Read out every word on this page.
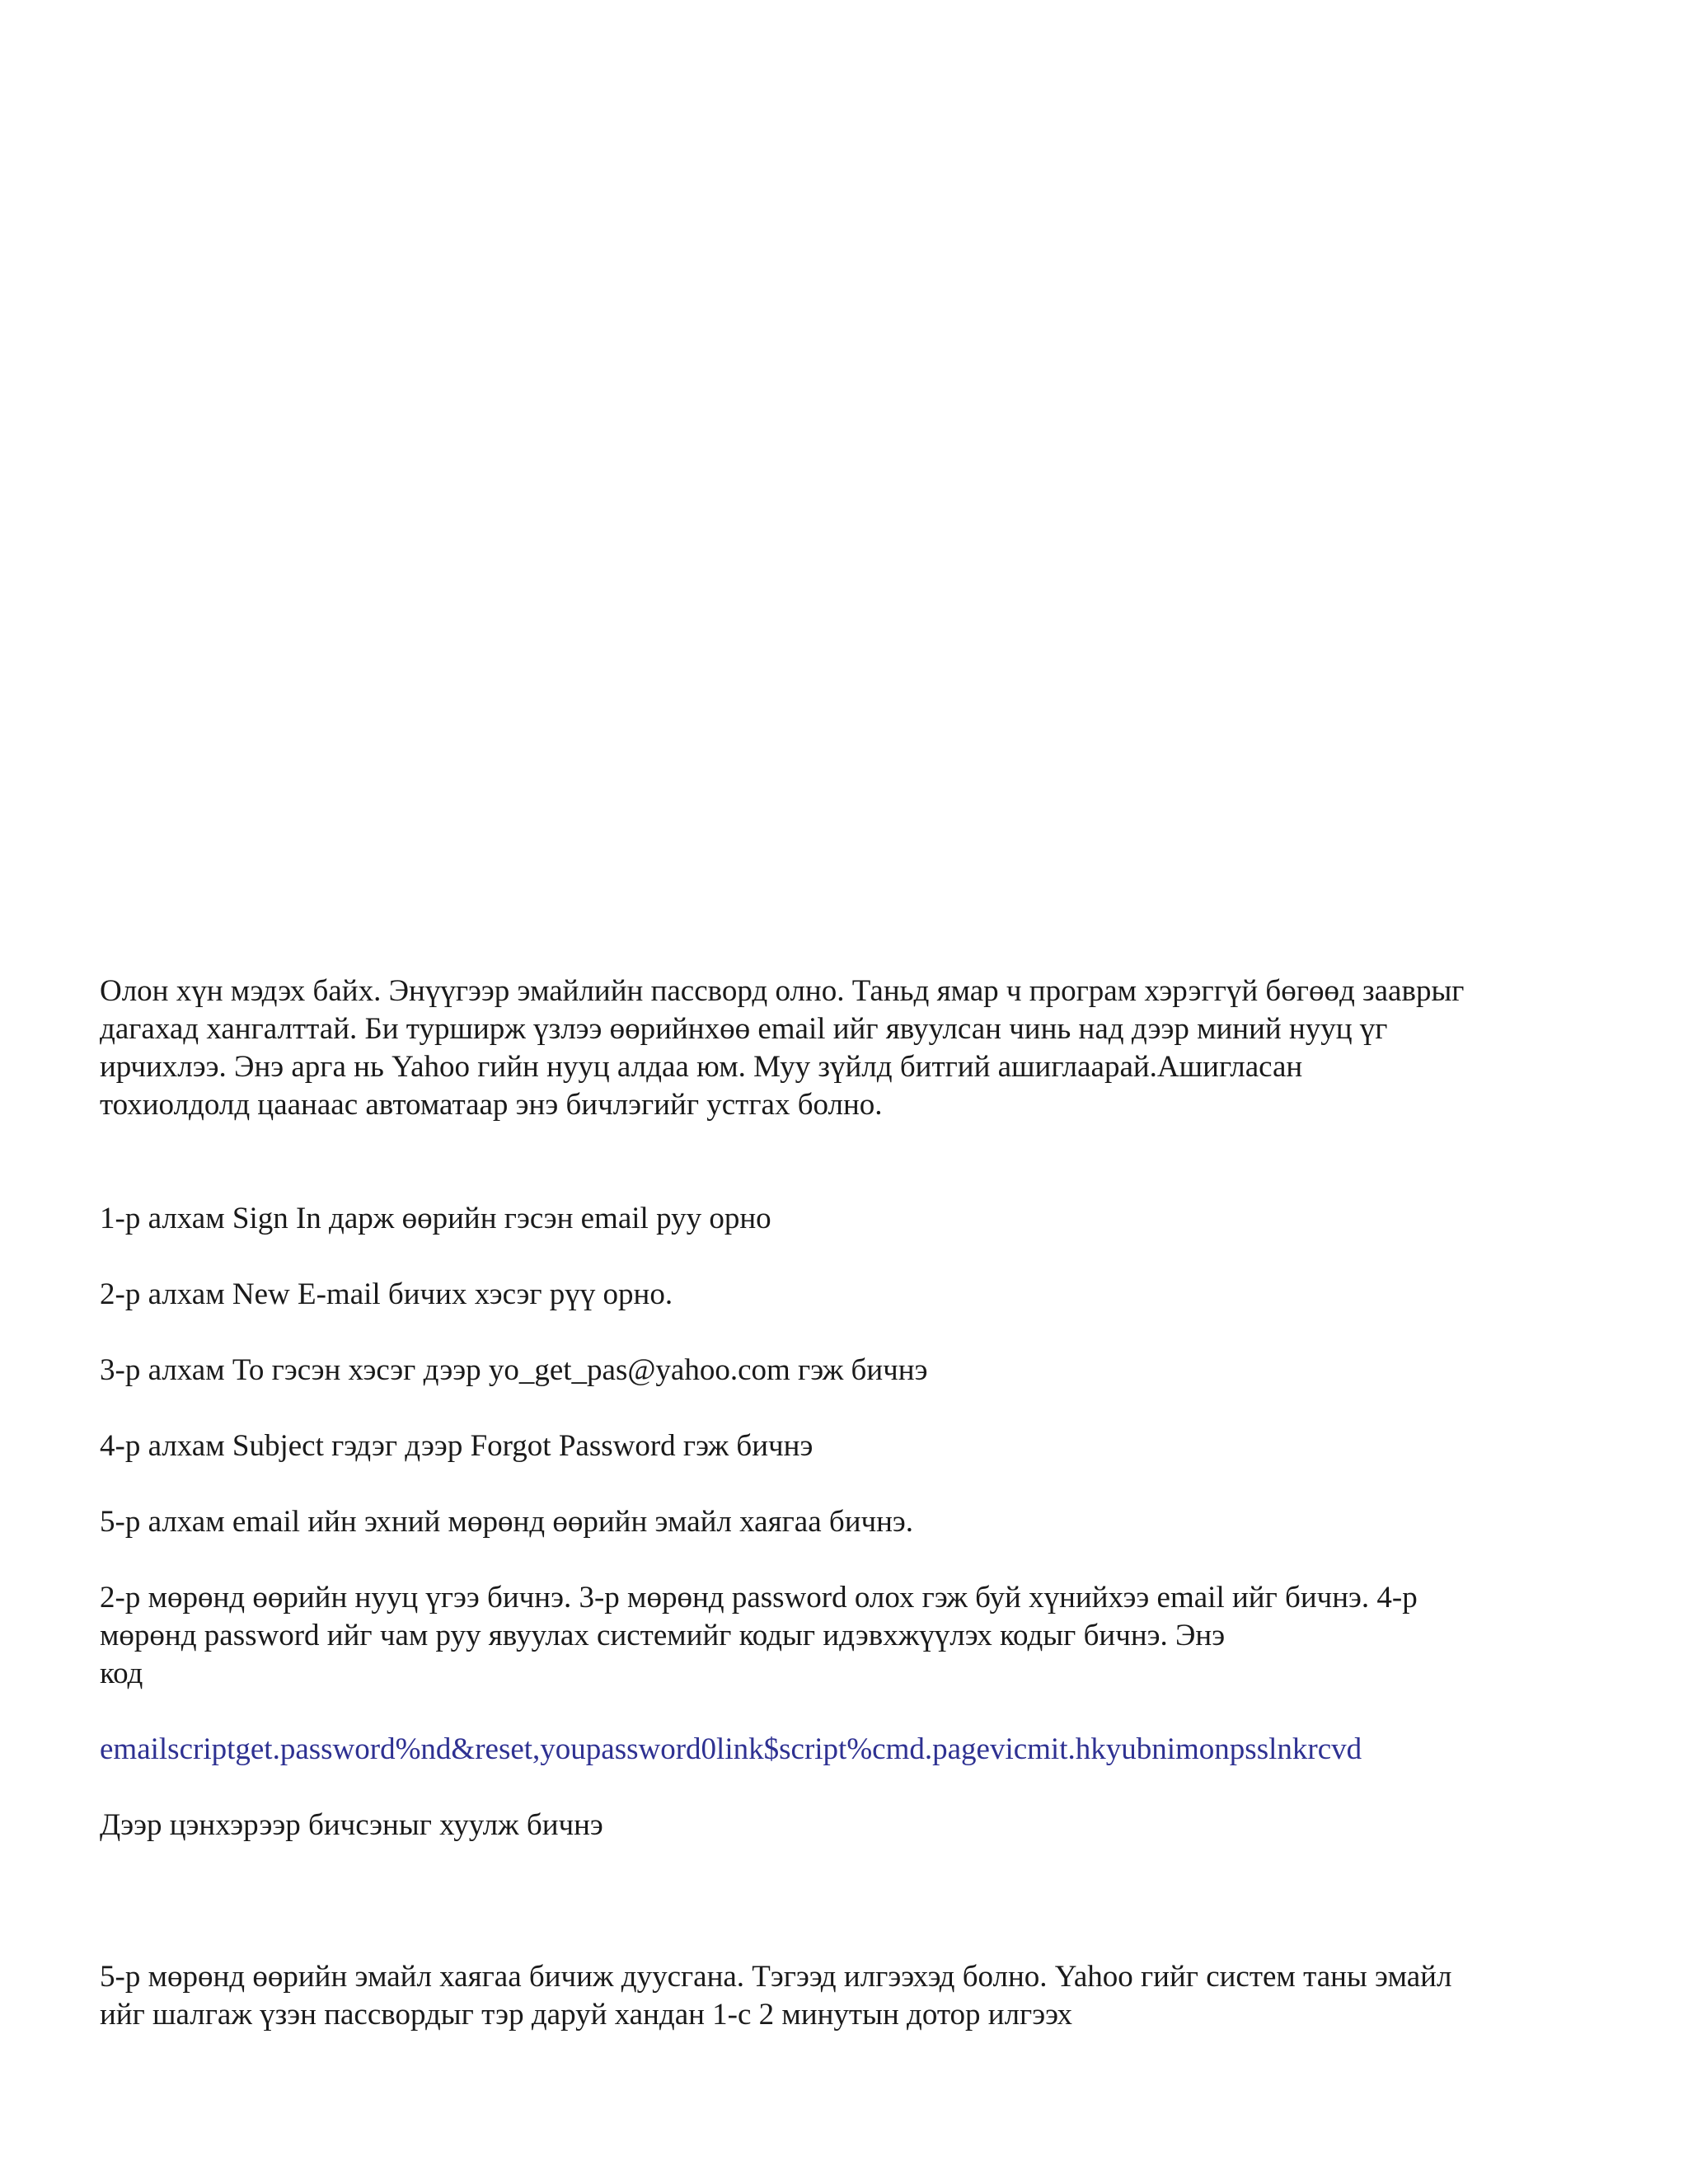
Олон хүн мэдэх байх. Энүүгээр эмайлийн пассворд олно. Таньд ямар ч програм хэрэггүй бөгөөд зааврыг

дагахад хангалттай. Би турширж үзлээ өөрийнхөө email ийг явуулсан чинь над дээр миний нууц үг

ирчихлээ. Энэ арга нь Yahoo гийн нууц алдаа юм. Муу зүйлд битгий ашиглаарай.Ашигласан

тохиолдолд цаанаас автоматаар энэ бичлэгийг устгах болно.

1-р алхам Sign In дарж өөрийн гэсэн email руу орно

2-р алхам New E-mail бичих хэсэг рүү орно.

3-р алхам To гэсэн хэсэг дээр yo_get_pas@yahoo.com гэж бичнэ

4-р алхам Subject гэдэг дээр Forgot Password гэж бичнэ

5-р алхам email ийн эхний мөрөнд өөрийн эмайл хаягаа бичнэ.

2-р мөрөнд өөрийн нууц үгээ бичнэ. 3-р мөрөнд password олох гэж буй хүнийхээ email ийг бичнэ. 4-р
мөрөнд password ийг чам руу явуулах системийг кодыг идэвхжүүлэх кодыг бичнэ. Энэ
код

emailscriptget.password%nd&reset,youpassword0link$script%cmd.pagevicmit.hkyubnimonpsslnkrcvd

Дээр цэнхэрээр бичсэныг хуулж бичнэ

5-р мөрөнд өөрийн эмайл хаягаа бичиж дуусгана. Тэгээд илгээхэд болно. Yahoo гийг систем таны эмайл

ийг шалгаж үзэн пассвордыг тэр даруй хандан 1-с 2 минутын дотор илгээх
